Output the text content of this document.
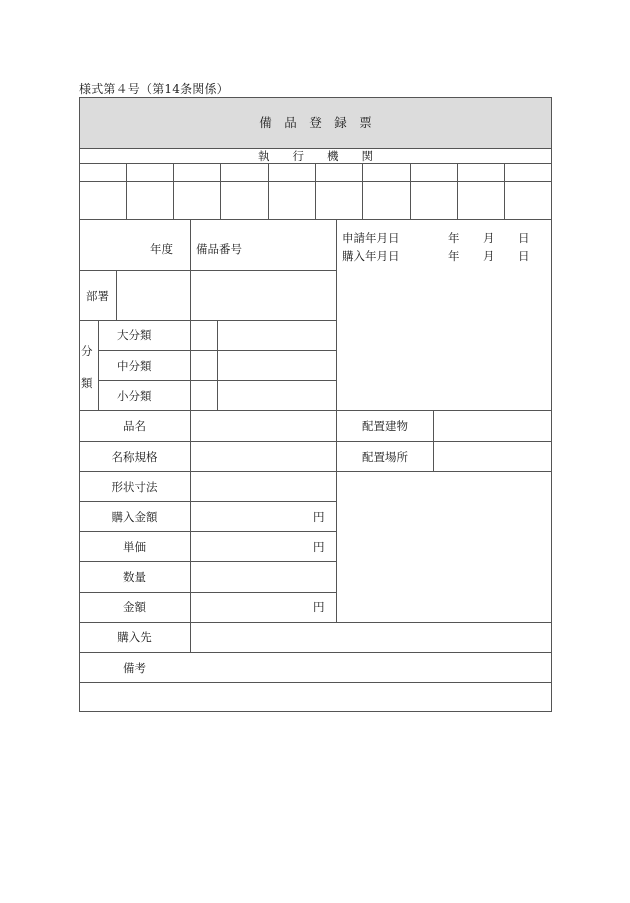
様式第４号（第14条関係）
備　品　登　録　票
執　　行　　機　　関
年度 備品番号
申請年月日	年 月 日
購入年月日	年 月 日
部署
分
類
大分類
中分類
小分類
品名
名称規格
形状寸法
購入金額
単価
数量
金額
購入先
備考
円
円
円
配置建物
配置場所
